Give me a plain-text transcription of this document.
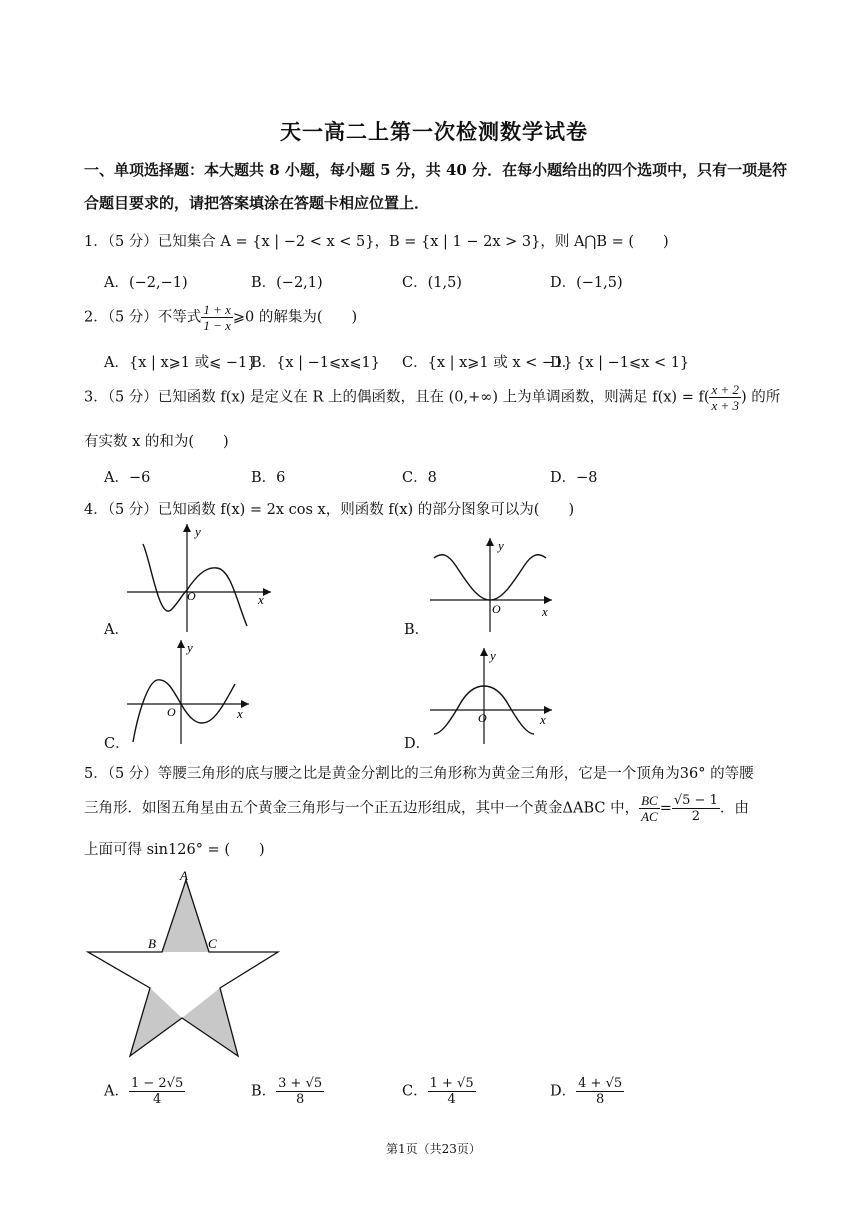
天一高二上第一次检测数学试卷
一、单项选择题：本大题共 8 小题，每小题 5 分，共 40 分．在每小题给出的四个选项中，只有一项是符
合题目要求的，请把答案填涂在答题卡相应位置上．
1．（5 分）已知集合 A = {x | −2 < x < 5}，B = {x | 1 − 2x > 3}，则 A⋂B = (　　)
A．(−2,−1)	B．(−2,1)	C．(1,5)	D．(−1,5)
2．（5 分）不等式 $\frac{1 + x}{1 - x}$ ⩾0 的解集为(　　)
A．{x | x⩾1 或⩽ −1}
B．{x | −1⩽x⩽1} C．{x | x⩾1 或 x < −1}
D．{x | −1⩽x < 1}
3．（5 分）已知函数 f(x) 是定义在 R 上的偶函数，且在 (0,+∞) 上为单调函数，则满足 $f(x) = f( \frac{x + 2}{x + 3}$ ) 的所
有实数 x 的和为(　　)
A．−6	B．6	C．8	D．−8
4．（5 分）已知函数 f(x) = 2x cos x，则函数 f(x) 的部分图象可以为(　　)
A．	B．
C．	D．
y
x
O
y
x
O
y
x
O
y
x
O
5．（5 分）等腰三角形的底与腰之比是黄金分割比的三角形称为黄金三角形，它是一个顶角为36° 的等腰
三角形．如图五角星由五个黄金三角形与一个正五边形组成，其中一个黄金ΔABC 中， $\frac{BC}{AC} = \frac{√5 - 1}{2}$ ．由
上面可得 sin126° = (　　)
A
B	C
A． $\frac{1 - 2√5}{4}$	B． $\frac{3 + √5}{8}$	C． $\frac{1 + √5}{4}$	D． $\frac{4 + √5}{8}$
第1页（共23页）
